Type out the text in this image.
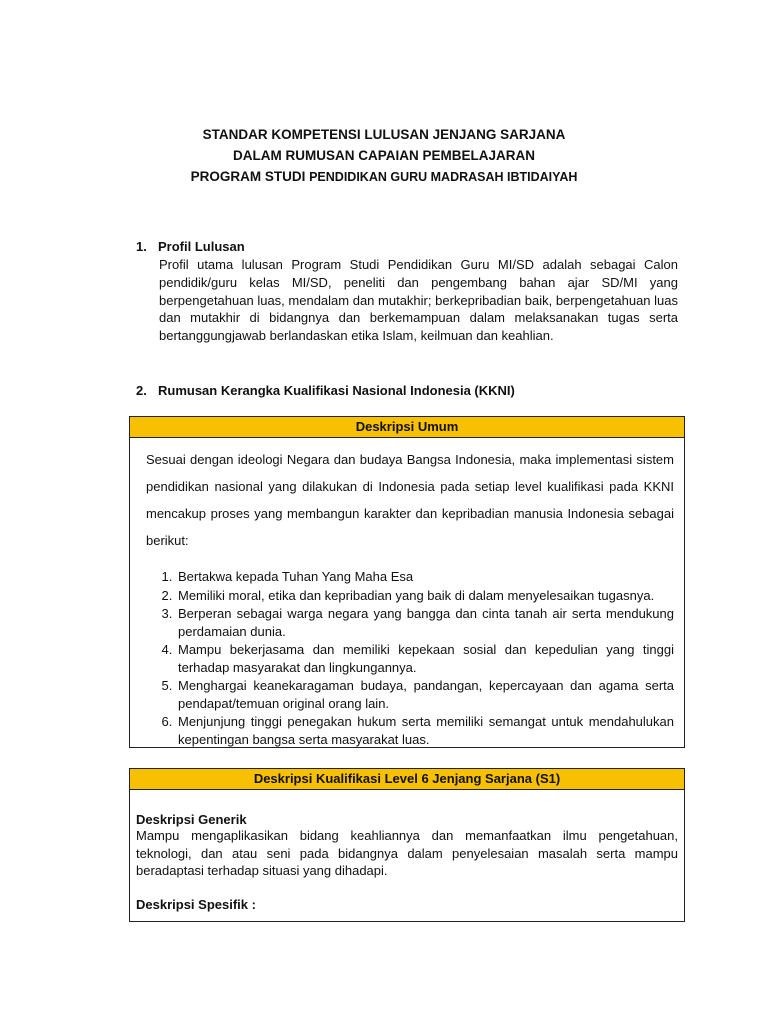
STANDAR KOMPETENSI LULUSAN JENJANG SARJANA
DALAM RUMUSAN CAPAIAN PEMBELAJARAN
PROGRAM STUDI PENDIDIKAN GURU MADRASAH IBTIDAIYAH
1. Profil Lulusan
Profil utama lulusan Program Studi Pendidikan Guru MI/SD adalah sebagai Calon pendidik/guru kelas MI/SD, peneliti dan pengembang bahan ajar SD/MI yang berpengetahuan luas, mendalam dan mutakhir; berkepribadian baik, berpengetahuan luas dan mutakhir di bidangnya dan berkemampuan dalam melaksanakan tugas serta bertanggungjawab berlandaskan etika Islam, keilmuan dan keahlian.
2. Rumusan Kerangka Kualifikasi Nasional Indonesia (KKNI)
Deskripsi Umum
Sesuai dengan ideologi Negara dan budaya Bangsa Indonesia, maka implementasi sistem pendidikan nasional yang dilakukan di Indonesia pada setiap level kualifikasi pada KKNI mencakup proses yang membangun karakter dan kepribadian manusia Indonesia sebagai berikut:
1. Bertakwa kepada Tuhan Yang Maha Esa
2. Memiliki moral, etika dan kepribadian yang baik di dalam menyelesaikan tugasnya.
3. Berperan sebagai warga negara yang bangga dan cinta tanah air serta mendukung perdamaian dunia.
4. Mampu bekerjasama dan memiliki kepekaan sosial dan kepedulian yang tinggi terhadap masyarakat dan lingkungannya.
5. Menghargai keanekaragaman budaya, pandangan, kepercayaan dan agama serta pendapat/temuan original orang lain.
6. Menjunjung tinggi penegakan hukum serta memiliki semangat untuk mendahulukan kepentingan bangsa serta masyarakat luas.
Deskripsi Kualifikasi Level 6 Jenjang Sarjana (S1)
Deskripsi Generik
Mampu mengaplikasikan bidang keahliannya dan memanfaatkan ilmu pengetahuan, teknologi, dan atau seni pada bidangnya dalam penyelesaian masalah serta mampu beradaptasi terhadap situasi yang dihadapi.
Deskripsi Spesifik :
